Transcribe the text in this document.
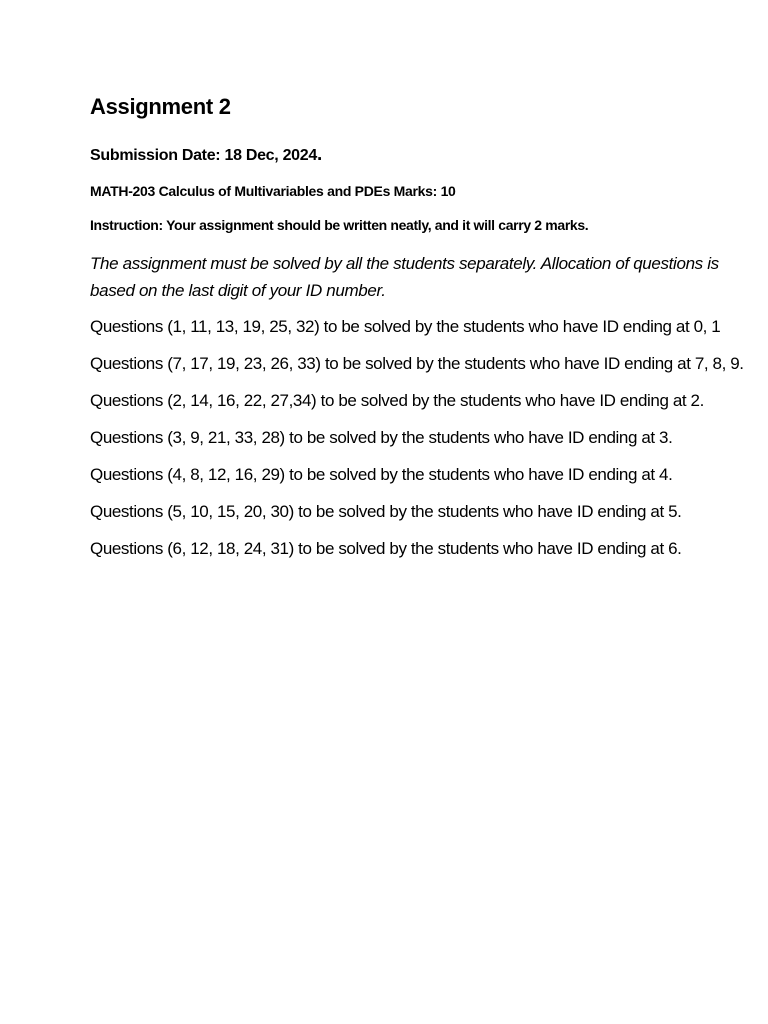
Assignment 2

Submission Date: 18 Dec, 2024.

MATH-203 Calculus of Multivariables and PDEs Marks: 10

Instruction: Your assignment should be written neatly, and it will carry 2 marks.

The assignment must be solved by all the students separately. Allocation of questions is based on the last digit of your ID number.

Questions (1, 11, 13, 19, 25, 32) to be solved by the students who have ID ending at 0, 1
Questions (7, 17, 19, 23, 26, 33) to be solved by the students who have ID ending at 7, 8, 9.
Questions (2, 14, 16, 22, 27,34) to be solved by the students who have ID ending at 2.
Questions (3, 9, 21, 33, 28) to be solved by the students who have ID ending at 3.
Questions (4, 8, 12, 16, 29) to be solved by the students who have ID ending at 4.
Questions (5, 10, 15, 20, 30) to be solved by the students who have ID ending at 5.
Questions (6, 12, 18, 24, 31) to be solved by the students who have ID ending at 6.
